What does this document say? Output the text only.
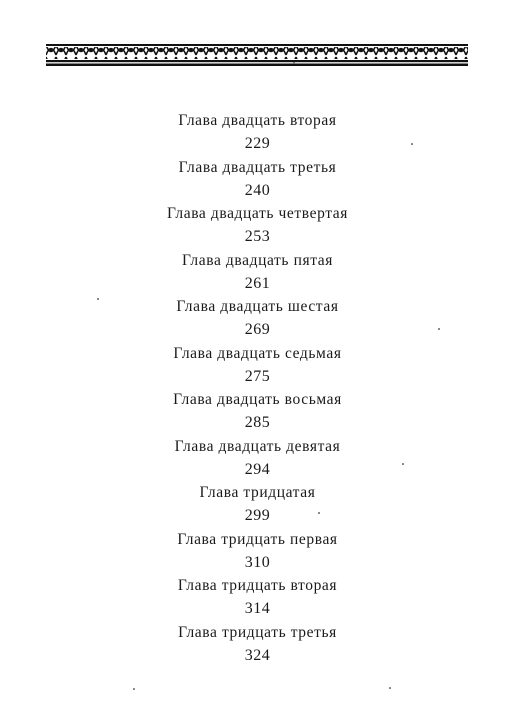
Глава двадцать вторая
229
Глава двадцать третья
240
Глава двадцать четвертая
253
Глава двадцать пятая
261
Глава двадцать шестая
269
Глава двадцать седьмая
275
Глава двадцать восьмая
285
Глава двадцать девятая
294
Глава тридцатая
299
Глава тридцать первая
310
Глава тридцать вторая
314
Глава тридцать третья
324
